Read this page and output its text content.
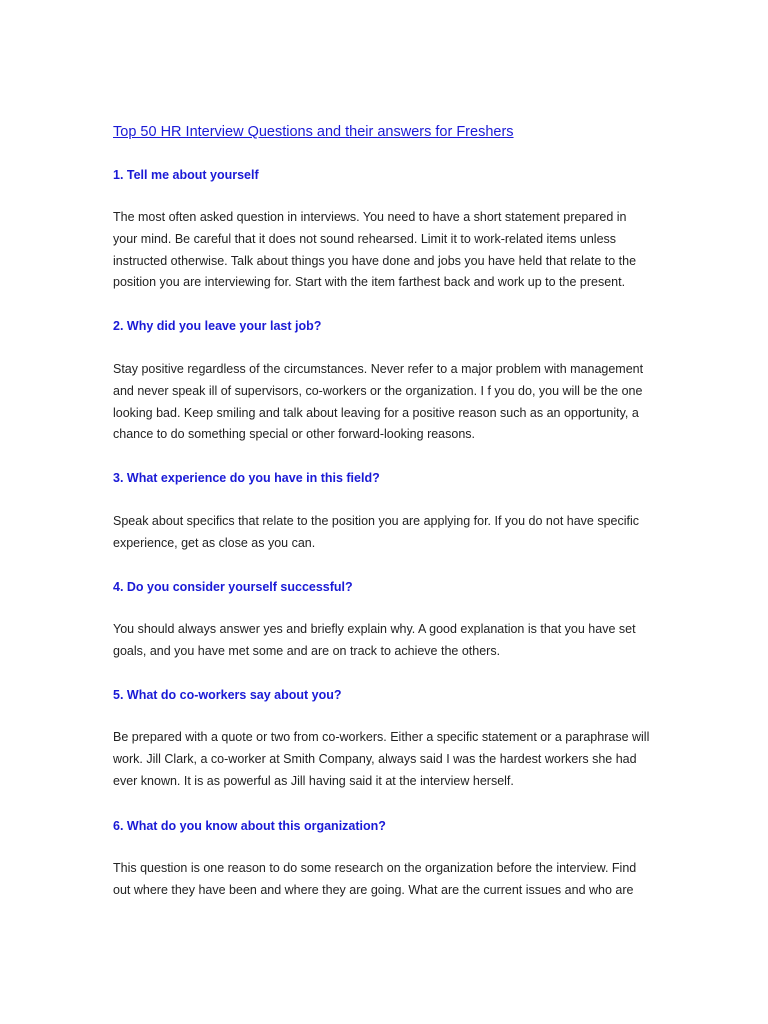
Top 50 HR Interview Questions and their answers for Freshers
1. Tell me about yourself

The most often asked question in interviews. You need to have a short statement prepared in
your mind. Be careful that it does not sound rehearsed. Limit it to work-related items unless
instructed otherwise. Talk about things you have done and jobs you have held that relate to the
position you are interviewing for. Start with the item farthest back and work up to the present.

2. Why did you leave your last job?

Stay positive regardless of the circumstances. Never refer to a major problem with management
and never speak ill of supervisors, co-workers or the organization. I f you do, you will be the one
looking bad. Keep smiling and talk about leaving for a positive reason such as an opportunity, a
chance to do something special or other forward-looking reasons.

3. What experience do you have in this field?

Speak about specifics that relate to the position you are applying for. If you do not have specific
experience, get as close as you can.

4. Do you consider yourself successful?

You should always answer yes and briefly explain why. A good explanation is that you have set
goals, and you have met some and are on track to achieve the others.

5. What do co-workers say about you?

Be prepared with a quote or two from co-workers. Either a specific statement or a paraphrase will
work. Jill Clark, a co-worker at Smith Company, always said I was the hardest workers she had
ever known. It is as powerful as Jill having said it at the interview herself.

6. What do you know about this organization?

This question is one reason to do some research on the organization before the interview. Find
out where they have been and where they are going. What are the current issues and who are
